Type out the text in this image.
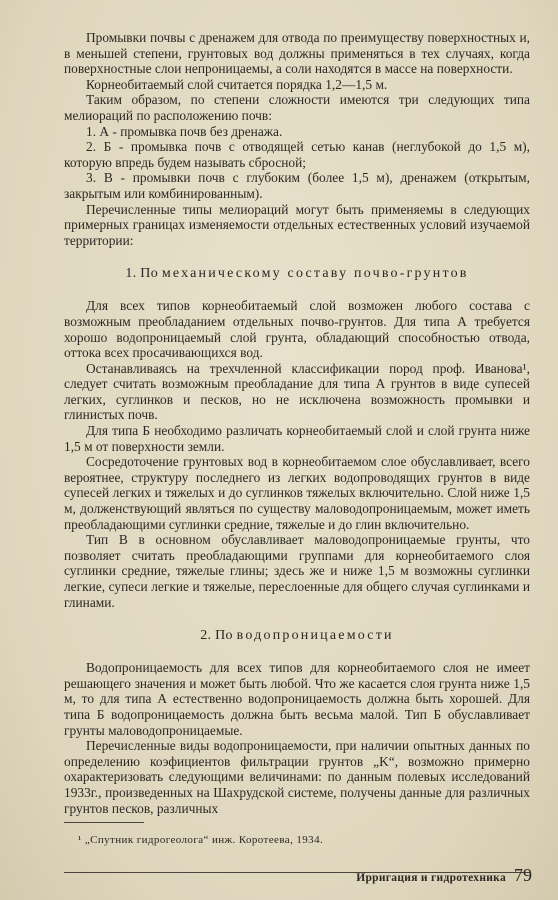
Промывки почвы с дренажем для отвода по преимуществу поверхностных и, в меньшей степени, грунтовых вод должны применяться в тех случаях, когда поверхностные слои непроницаемы, а соли находятся в массе на поверхности.

Корнеобитаемый слой считается порядка 1,2—1,5 м.

Таким образом, по степени сложности имеются три следующих типа мелиораций по расположению почв:

1. А - промывка почв без дренажа.

2. Б - промывка почв с отводящей сетью канав (неглубокой до 1,5 м), которую впредь будем называть сбросной;

3. В - промывки почв с глубоким (более 1,5 м), дренажем (открытым, закрытым или комбинированным).

Перечисленные типы мелиораций могут быть применяемы в следующих примерных границах изменяемости отдельных естественных условий изучаемой территории:

1. По механическому составу почво-грунтов

Для всех типов корнеобитаемый слой возможен любого состава с возможным преобладанием отдельных почво-грунтов. Для типа А требуется хорошо водопроницаемый слой грунта, обладающий способностью отвода, оттока всех просачивающихся вод.

Останавливаясь на трехчленной классификации пород проф. Иванова¹, следует считать возможным преобладание для типа А грунтов в виде супесей легких, суглинков и песков, но не исключена возможность промывки и глинистых почв.

Для типа Б необходимо различать корнеобитаемый слой и слой грунта ниже 1,5 м от поверхности земли.

Сосредоточение грунтовых вод в корнеобитаемом слое обуславливает, всего вероятнее, структуру последнего из легких водопроводящих грунтов в виде супесей легких и тяжелых и до суглинков тяжелых включительно. Слой ниже 1,5 м, долженствующий являться по существу маловодопроницаемым, может иметь преобладающими суглинки средние, тяжелые и до глин включительно.

Тип В в основном обуславливает маловодопроницаемые грунты, что позволяет считать преобладающими группами для корнеобитаемого слоя суглинки средние, тяжелые глины; здесь же и ниже 1,5 м возможны суглинки легкие, супеси легкие и тяжелые, переслоенные для общего случая суглинками и глинами.

2. По водопроницаемости

Водопроницаемость для всех типов для корнеобитаемого слоя не имеет решающего значения и может быть любой. Что же касается слоя грунта ниже 1,5 м, то для типа А естественно водопроницаемость должна быть хорошей. Для типа Б водопроницаемость должна быть весьма малой. Тип Б обуславливает грунты маловодопроницаемые.

Перечисленные виды водопроницаемости, при наличии опытных данных по определению коэфициентов фильтрации грунтов „K“, возможно примерно охарактеризовать следующими величинами: по данным полевых исследований 1933г., произведенных на Шахрудской системе, получены данные для различных грунтов песков, различных

¹ „Спутник гидрогеолога“ инж. Коротеева, 1934.
Ирригация и гидротехника 79
